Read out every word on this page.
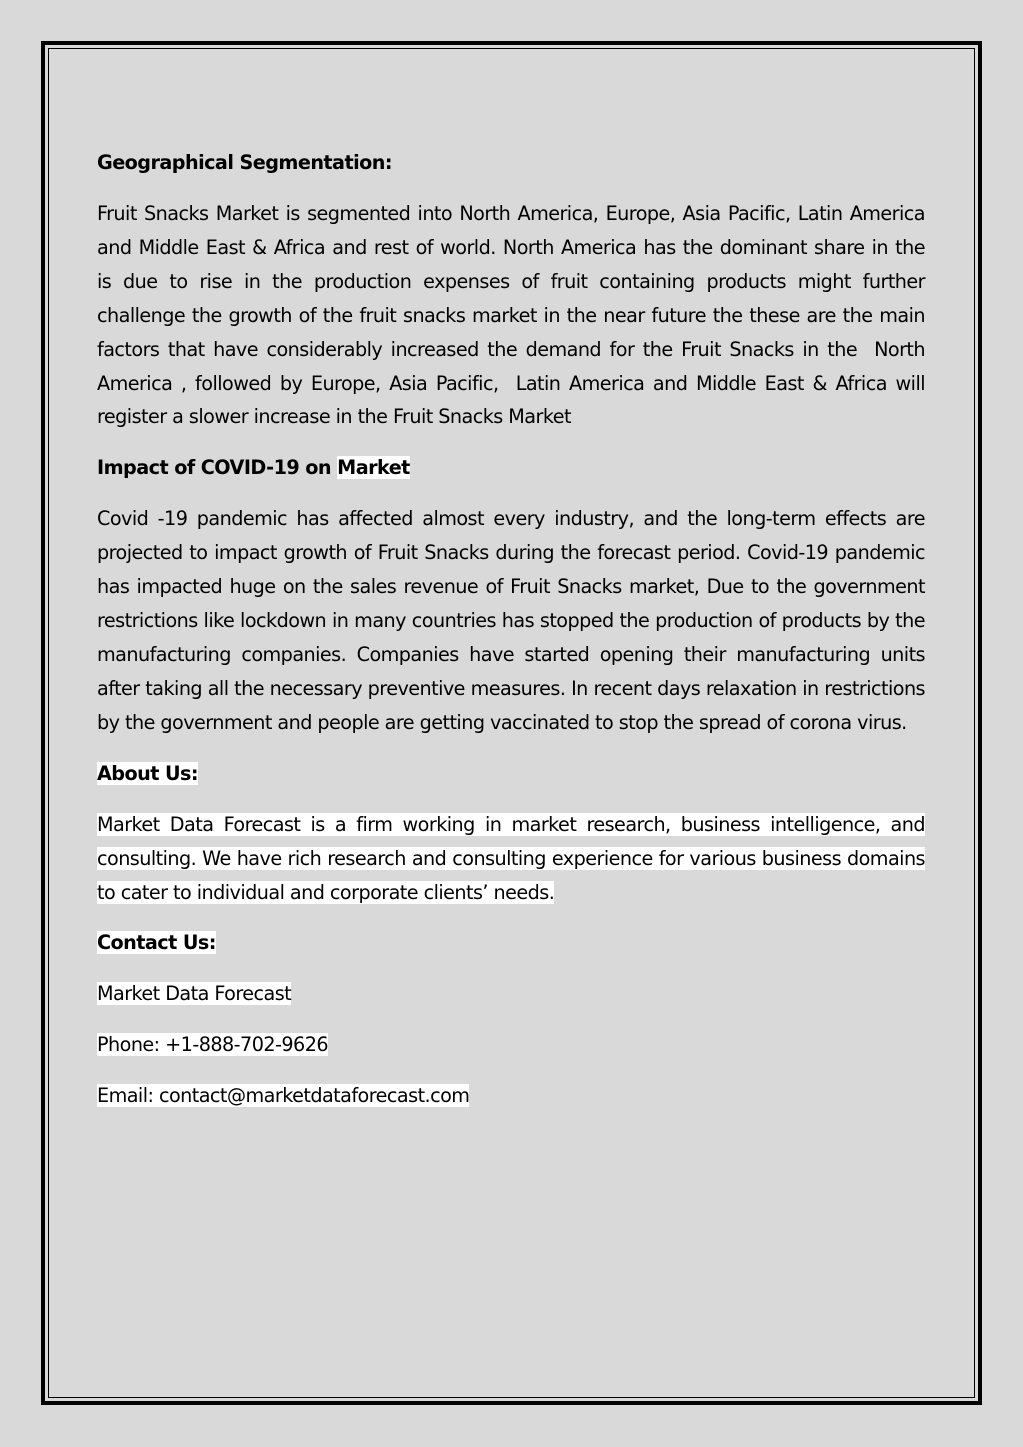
Geographical Segmentation:
Fruit Snacks Market is segmented into North America, Europe, Asia Pacific, Latin America and Middle East & Africa and rest of world. North America has the dominant share in the   is due to rise in the production expenses of fruit containing products might further challenge the growth of the fruit snacks market in the near future the these are the main factors that have considerably increased the demand for the Fruit Snacks in the  North America , followed by Europe, Asia Pacific,  Latin America and Middle East & Africa will register a slower increase in the Fruit Snacks Market
Impact of COVID-19 on Market
Covid -19 pandemic has affected almost every industry, and the long-term effects are projected to impact growth of Fruit Snacks during the forecast period. Covid-19 pandemic has impacted huge on the sales revenue of Fruit Snacks market, Due to the government restrictions like lockdown in many countries has stopped the production of products by the manufacturing companies. Companies have started opening their manufacturing units after taking all the necessary preventive measures. In recent days relaxation in restrictions by the government and people are getting vaccinated to stop the spread of corona virus.
About Us:
Market Data Forecast is a firm working in market research, business intelligence, and consulting. We have rich research and consulting experience for various business domains to cater to individual and corporate clients’ needs.
Contact Us:
Market Data Forecast
Phone: +1-888-702-9626
Email: contact@marketdataforecast.com
